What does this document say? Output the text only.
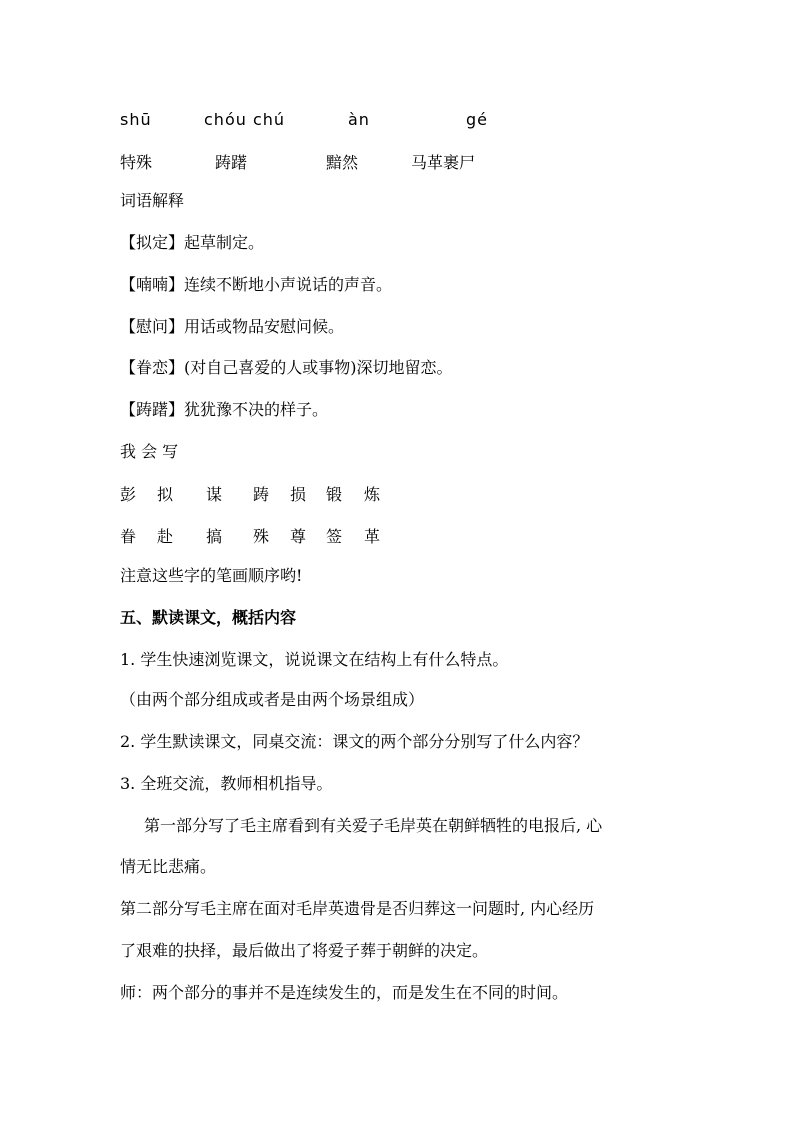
shū	chóu chú	àn	gé
特殊	踌躇	黯然	马革裹尸
词语解释
【拟定】起草制定。
【喃喃】连续不断地小声说话的声音。
【慰问】用话或物品安慰问候。
【眷恋】(对自己喜爱的人或事物)深切地留恋。
【踌躇】犹犹豫不决的样子。
我 会 写
彭 拟 谋 踌 损 锻 炼
眷 赴 搞 殊 尊 签 革
注意这些字的笔画顺序哟!
五、默读课文，概括内容
1. 学生快速浏览课文，说说课文在结构上有什么特点。
（由两个部分组成或者是由两个场景组成）
2. 学生默读课文，同桌交流：课文的两个部分分别写了什么内容？
3. 全班交流，教师相机指导。
第一部分写了毛主席看到有关爱子毛岸英在朝鲜牺牲的电报后, 心
情无比悲痛。
第二部分写毛主席在面对毛岸英遗骨是否归葬这一问题时, 内心经历
了艰难的抉择，最后做出了将爱子葬于朝鲜的决定。
师：两个部分的事并不是连续发生的，而是发生在不同的时间。
